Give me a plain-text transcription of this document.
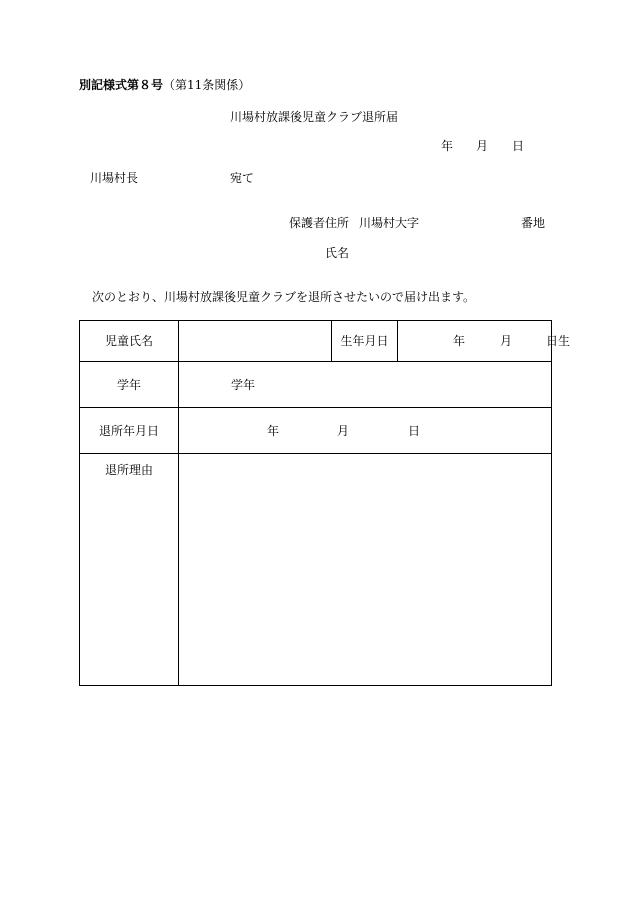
別記様式第８号（第11条関係）
川場村放課後児童クラブ退所届
年 月 日
川場村長	宛て
保護者住所 川場村大字	番地
氏名
次のとおり、川場村放課後児童クラブを退所させたいので届け出ます。
児童氏名		生年月日	年 月 日生
学年	学年		
退所年月日	年 月 日		
退所理由			
